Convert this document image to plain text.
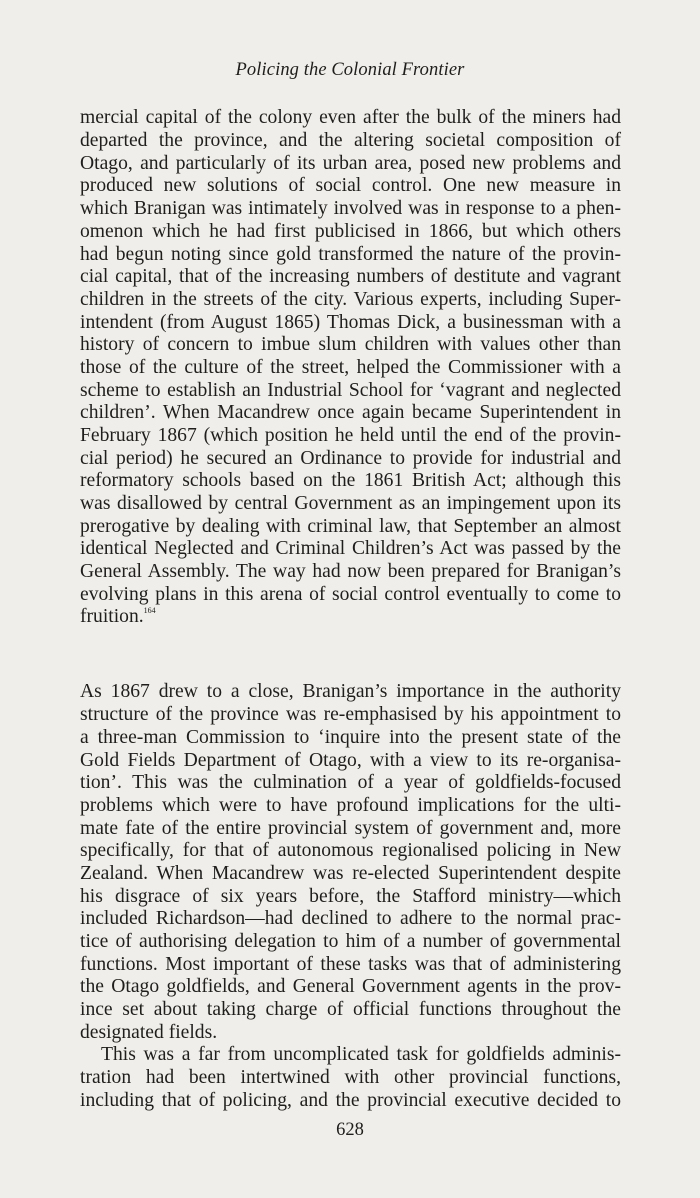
Policing the Colonial Frontier
mercial capital of the colony even after the bulk of the miners had
departed the province, and the altering societal composition of
Otago, and particularly of its urban area, posed new problems and
produced new solutions of social control. One new measure in
which Branigan was intimately involved was in response to a phen-
omenon which he had first publicised in 1866, but which others
had begun noting since gold transformed the nature of the provin-
cial capital, that of the increasing numbers of destitute and vagrant
children in the streets of the city. Various experts, including Super-
intendent (from August 1865) Thomas Dick, a businessman with a
history of concern to imbue slum children with values other than
those of the culture of the street, helped the Commissioner with a
scheme to establish an Industrial School for ‘vagrant and neglected
children’. When Macandrew once again became Superintendent in
February 1867 (which position he held until the end of the provin-
cial period) he secured an Ordinance to provide for industrial and
reformatory schools based on the 1861 British Act; although this
was disallowed by central Government as an impingement upon its
prerogative by dealing with criminal law, that September an almost
identical Neglected and Criminal Children’s Act was passed by the
General Assembly. The way had now been prepared for Branigan’s
evolving plans in this arena of social control eventually to come to
fruition.$^{164}$
As 1867 drew to a close, Branigan’s importance in the authority
structure of the province was re-emphasised by his appointment to
a three-man Commission to ‘inquire into the present state of the
Gold Fields Department of Otago, with a view to its re-organisa-
tion’. This was the culmination of a year of goldfields-focused
problems which were to have profound implications for the ulti-
mate fate of the entire provincial system of government and, more
specifically, for that of autonomous regionalised policing in New
Zealand. When Macandrew was re-elected Superintendent despite
his disgrace of six years before, the Stafford ministry—which
included Richardson—had declined to adhere to the normal prac-
tice of authorising delegation to him of a number of governmental
functions. Most important of these tasks was that of administering
the Otago goldfields, and General Government agents in the prov-
ince set about taking charge of official functions throughout the
designated fields.
This was a far from uncomplicated task for goldfields adminis-
tration had been intertwined with other provincial functions,
including that of policing, and the provincial executive decided to
628
